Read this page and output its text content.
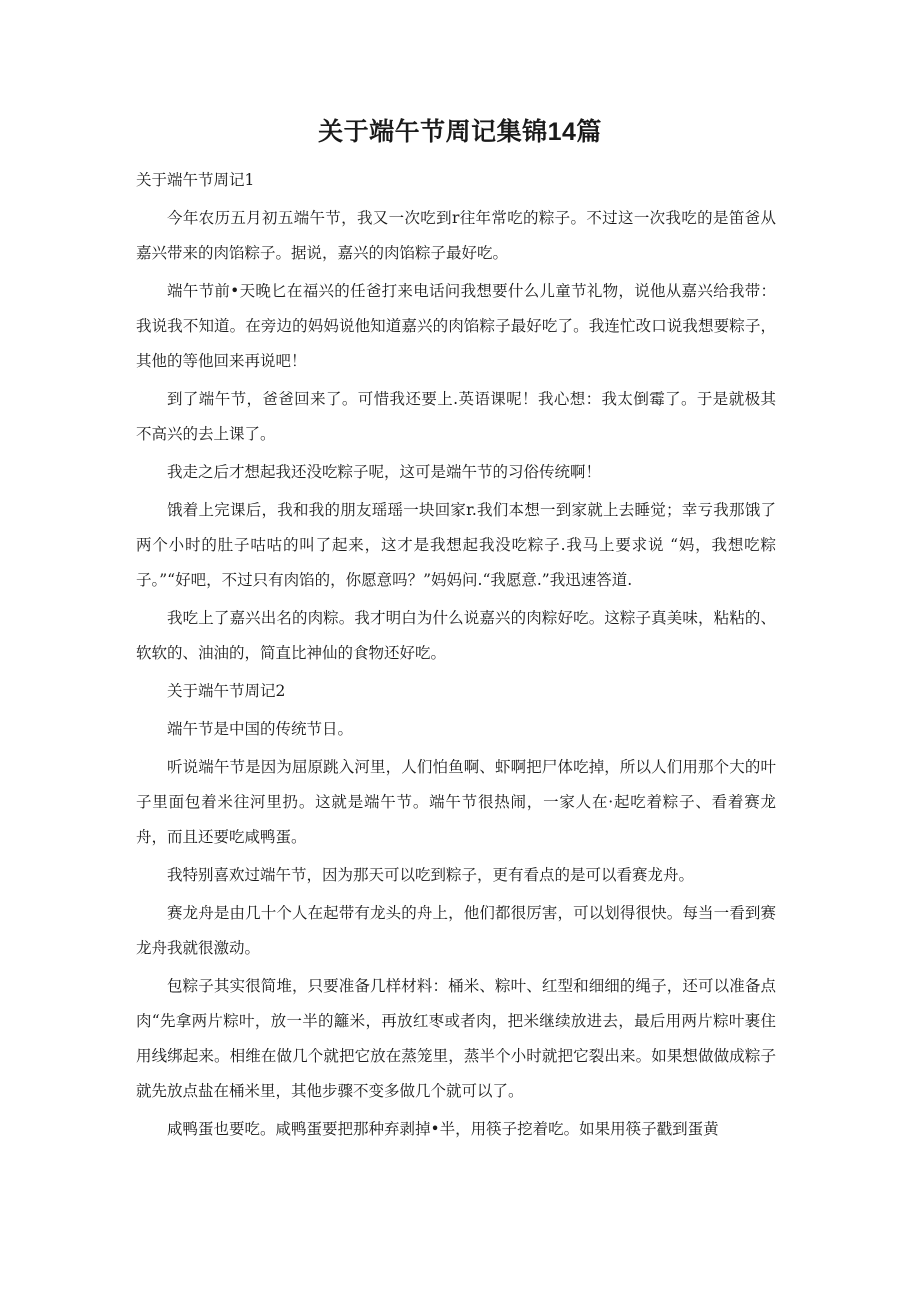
关于端午节周记集锦14篇

关于端午节周记1

今年农历五月初五端午节，我又一次吃到r往年常吃的粽子。不过这一次我吃的是笛爸从嘉兴带来的肉馅粽子。据说，嘉兴的肉馅粽子最好吃。

端午节前•天晚匕在福兴的任爸打来电话问我想要什么儿童节礼物，说他从嘉兴给我带：我说我不知道。在旁边的妈妈说他知道嘉兴的肉馅粽子最好吃了。我连忙改口说我想要粽子，其他的等他回来再说吧！

到了端午节，爸爸回来了。可惜我还要上.英语课呢！我心想：我太倒霉了。于是就极其不高兴的去上课了。

我走之后才想起我还没吃粽子呢，这可是端午节的习俗传统啊！

饿着上完课后，我和我的朋友瑶瑶一块回家r.我们本想一到家就上去睡觉；幸亏我那饿了两个小时的肚子咕咕的叫了起来，这才是我想起我没吃粽子.我马上要求说 “妈，我想吃粽子。”“好吧，不过只有肉馅的，你愿意吗？”妈妈问.“我愿意.”我迅速答道.

我吃上了嘉兴出名的肉粽。我才明白为什么说嘉兴的肉粽好吃。这粽子真美味，粘粘的、软软的、油油的，简直比神仙的食物还好吃。

关于端午节周记2

端午节是中国的传统节日。

听说端午节是因为屈原跳入河里，人们怕鱼啊、虾啊把尸体吃掉，所以人们用那个大的叶子里面包着米往河里扔。这就是端午节。端午节很热闹，一家人在·起吃着粽子、看着赛龙舟，而且还要吃咸鸭蛋。

我特别喜欢过端午节，因为那天可以吃到粽子，更有看点的是可以看赛龙舟。

赛龙舟是由几十个人在起带有龙头的舟上，他们都很厉害，可以划得很快。每当一看到赛龙舟我就很激动。

包粽子其实很简堆，只要准备几样材料：桶米、粽叶、红型和细细的绳子，还可以准备点肉“先拿两片粽叶，放一半的籬米，再放红枣或者肉，把米继续放进去，最后用两片粽叶裹住用线绑起来。相维在做几个就把它放在蒸笼里，蒸半个小时就把它裂出来。如果想做做成粽子就先放点盐在桶米里，其他步骤不变多做几个就可以了。

咸鸭蛋也要吃。咸鸭蛋要把那种弃剥掉•半，用筷子挖着吃。如果用筷子戳到蛋黄
